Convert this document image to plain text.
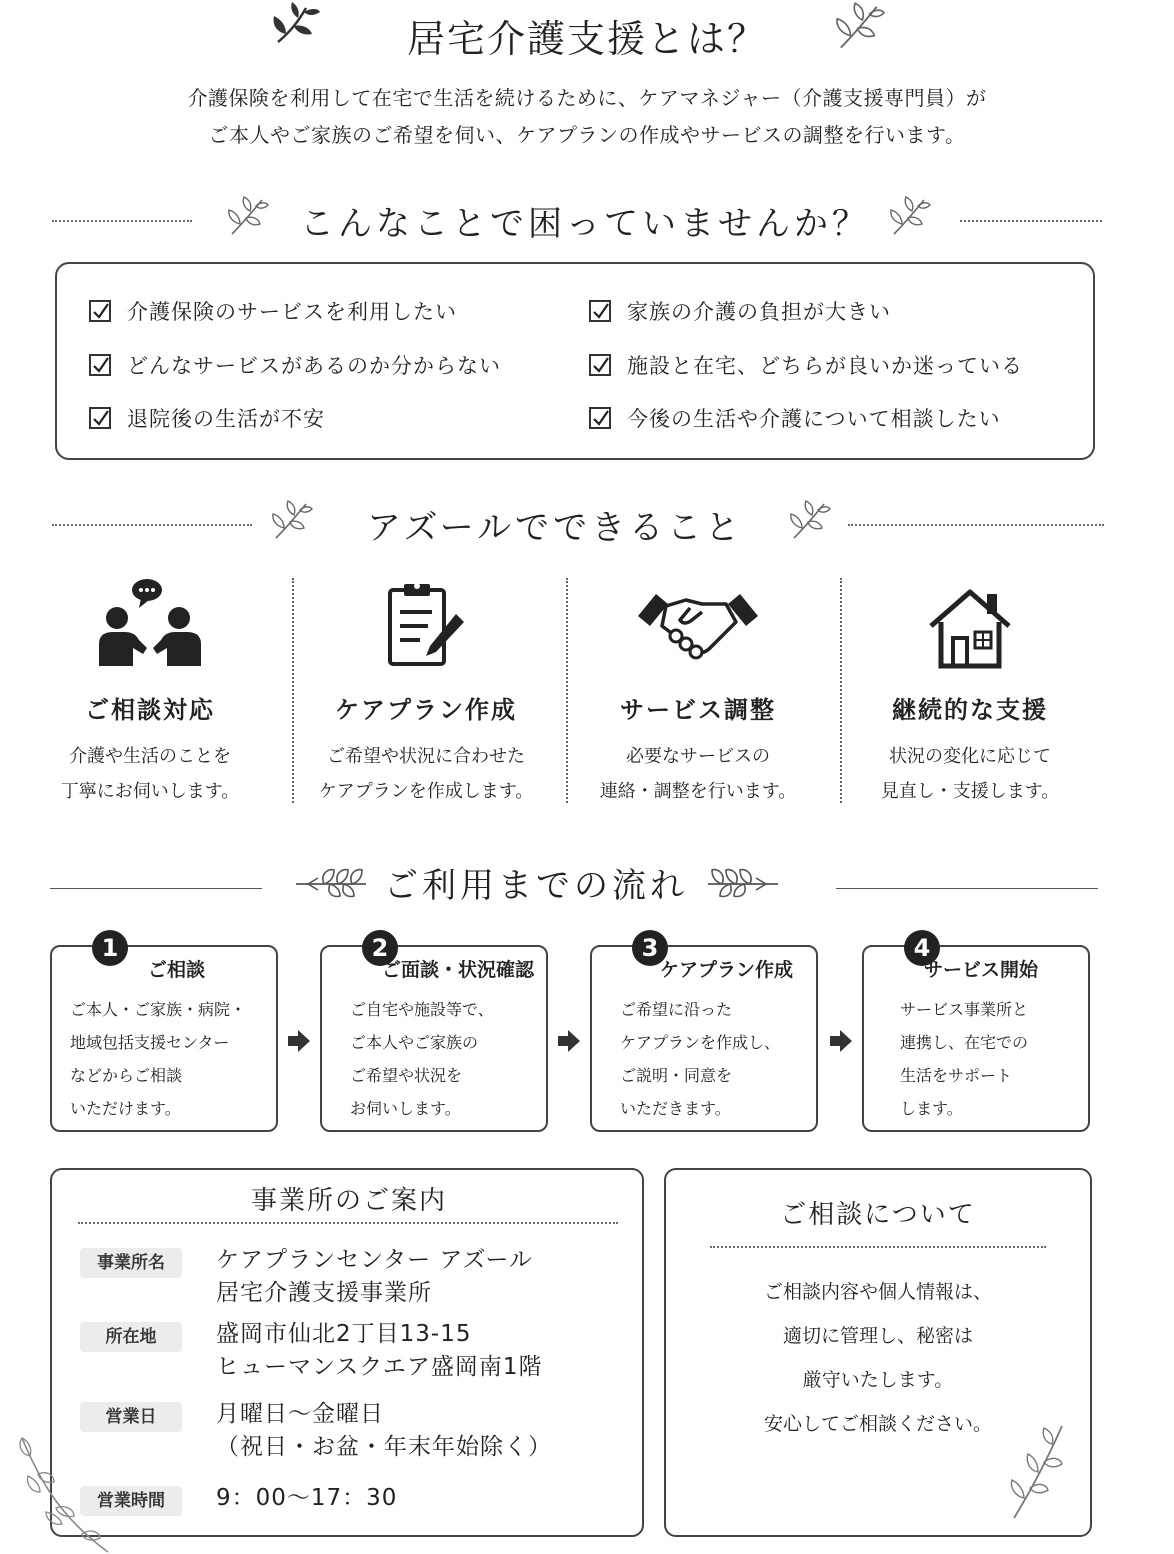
居宅介護支援とは？
介護保険を利用して在宅で生活を続けるために、ケアマネジャー（介護支援専門員）が
ご本人やご家族のご希望を伺い、ケアプランの作成やサービスの調整を行います。
こんなことで困っていませんか？
介護保険のサービスを利用したい
どんなサービスがあるのか分からない
退院後の生活が不安
家族の介護の負担が大きい
施設と在宅、どちらが良いか迷っている
今後の生活や介護について相談したい
アズールでできること
ご相談対応
介護や生活のことを
丁寧にお伺いします。
ケアプラン作成
ご希望や状況に合わせた
ケアプランを作成します。
サービス調整
必要なサービスの
連絡・調整を行います。
継続的な支援
状況の変化に応じて
見直し・支援します。
ご利用までの流れ
1
ご相談
ご本人・ご家族・病院・
地域包括支援センター
などからご相談
いただけます。
2
ご面談・状況確認
ご自宅や施設等で、
ご本人やご家族の
ご希望や状況を
お伺いします。
3
ケアプラン作成
ご希望に沿った
ケアプランを作成し、
ご説明・同意を
いただきます。
4
サービス開始
サービス事業所と
連携し、在宅での
生活をサポート
します。
事業所のご案内
事業所名	ケアプランセンター アズール
居宅介護支援事業所
所在地	盛岡市仙北2丁目13-15
ヒューマンスクエア盛岡南1階
営業日	月曜日～金曜日
（祝日・お盆・年末年始除く）
営業時間	9：00～17：30
ご相談について
ご相談内容や個人情報は、
適切に管理し、秘密は
厳守いたします。
安心してご相談ください。
